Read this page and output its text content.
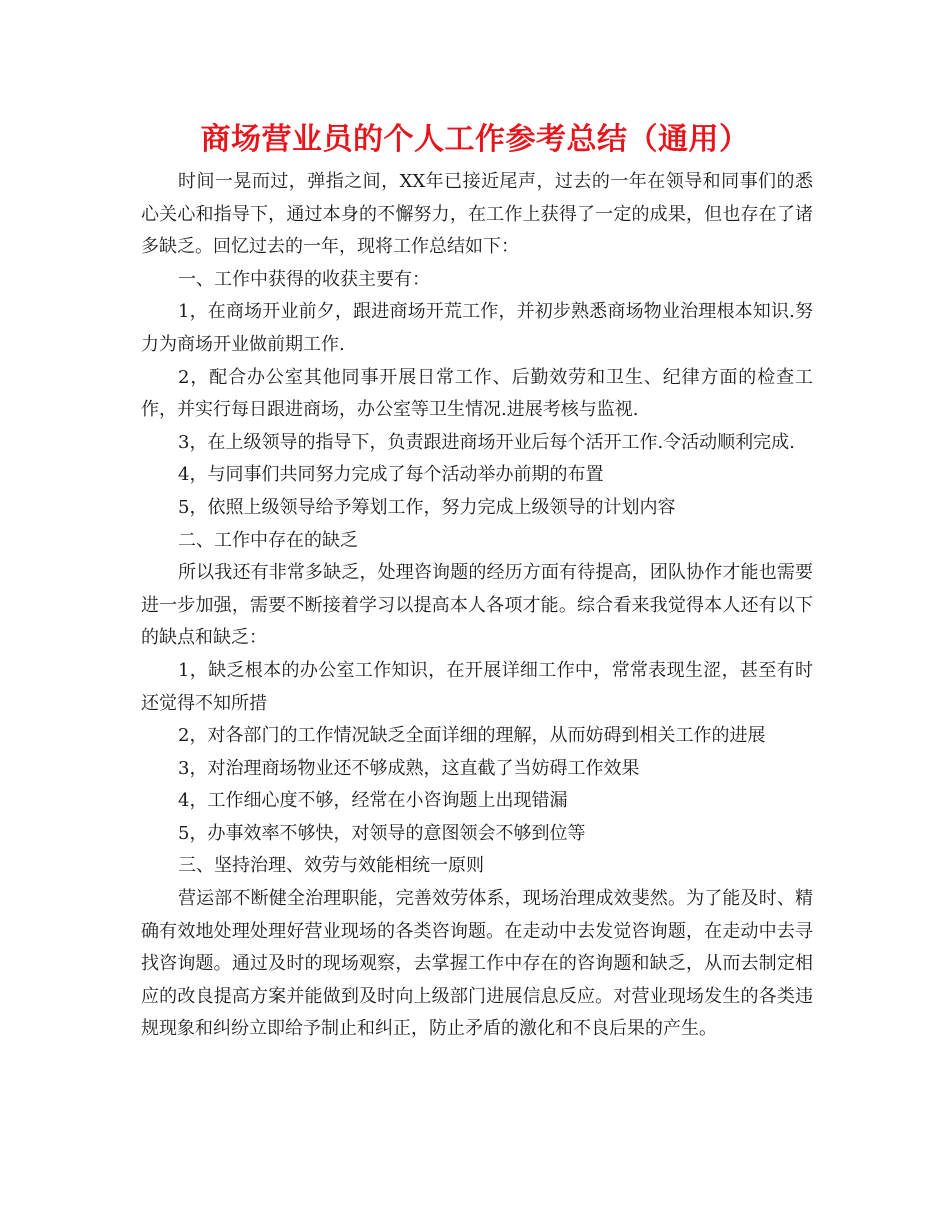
商场营业员的个人工作参考总结（通用）

时间一晃而过，弹指之间，XX年已接近尾声，过去的一年在领导和同事们的悉心关心和指导下，通过本身的不懈努力，在工作上获得了一定的成果，但也存在了诸多缺乏。回忆过去的一年，现将工作总结如下：

一、工作中获得的收获主要有：

1，在商场开业前夕，跟进商场开荒工作，并初步熟悉商场物业治理根本知识.努力为商场开业做前期工作.

2，配合办公室其他同事开展日常工作、后勤效劳和卫生、纪律方面的检查工作，并实行每日跟进商场，办公室等卫生情况.进展考核与监视.

3，在上级领导的指导下，负责跟进商场开业后每个活开工作.令活动顺利完成.

4，与同事们共同努力完成了每个活动举办前期的布置

5，依照上级领导给予筹划工作，努力完成上级领导的计划内容

二、工作中存在的缺乏

所以我还有非常多缺乏，处理咨询题的经历方面有待提高，团队协作才能也需要进一步加强，需要不断接着学习以提高本人各项才能。综合看来我觉得本人还有以下的缺点和缺乏：

1，缺乏根本的办公室工作知识，在开展详细工作中，常常表现生涩，甚至有时还觉得不知所措

2，对各部门的工作情况缺乏全面详细的理解，从而妨碍到相关工作的进展

3，对治理商场物业还不够成熟，这直截了当妨碍工作效果

4，工作细心度不够，经常在小咨询题上出现错漏

5，办事效率不够快，对领导的意图领会不够到位等

三、坚持治理、效劳与效能相统一原则

营运部不断健全治理职能，完善效劳体系，现场治理成效斐然。为了能及时、精确有效地处理处理好营业现场的各类咨询题。在走动中去发觉咨询题，在走动中去寻找咨询题。通过及时的现场观察，去掌握工作中存在的咨询题和缺乏，从而去制定相应的改良提高方案并能做到及时向上级部门进展信息反应。对营业现场发生的各类违规现象和纠纷立即给予制止和纠正，防止矛盾的激化和不良后果的产生。
